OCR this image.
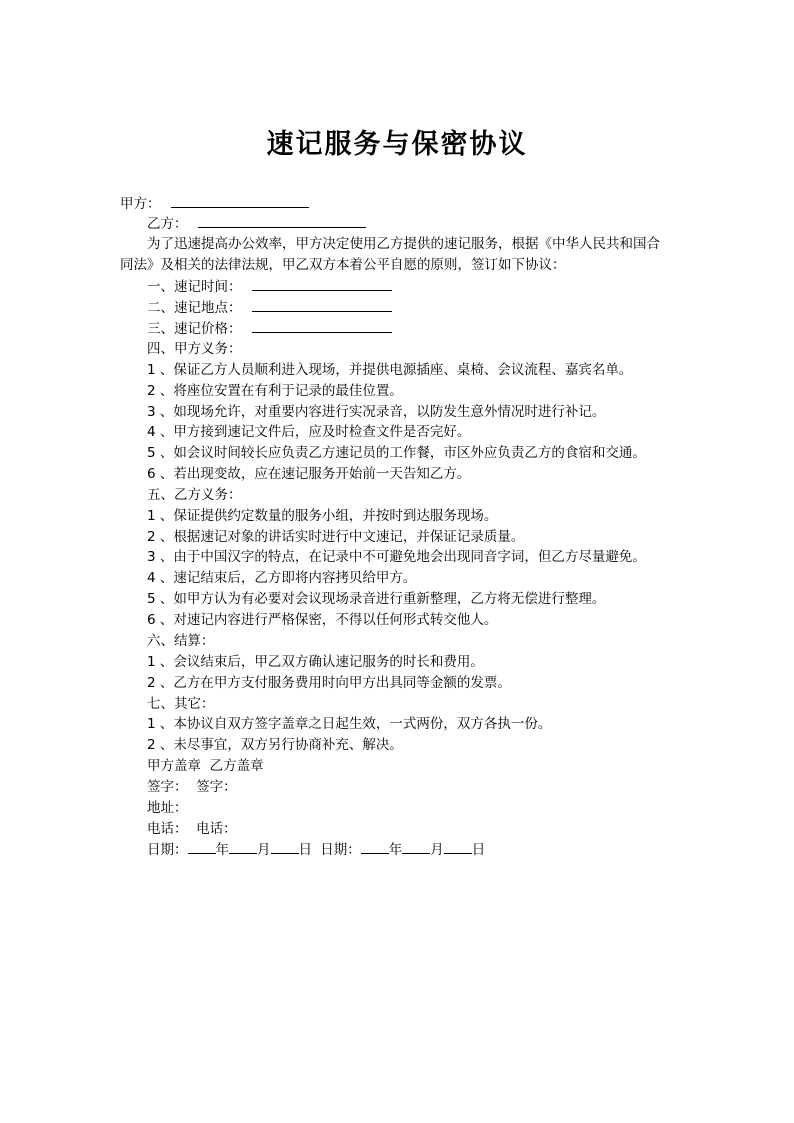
速记服务与保密协议
甲方：
乙方：
为了迅速提高办公效率，甲方决定使用乙方提供的速记服务，根据《中华人民共和国合
同法》及相关的法律法规，甲乙双方本着公平自愿的原则，签订如下协议：
一、速记时间：
二、速记地点：
三、速记价格：
四、甲方义务：
1 、保证乙方人员顺利进入现场，并提供电源插座、桌椅、会议流程、嘉宾名单。
2 、将座位安置在有利于记录的最佳位置。
3 、如现场允许，对重要内容进行实况录音，以防发生意外情况时进行补记。
4 、甲方接到速记文件后，应及时检查文件是否完好。
5 、如会议时间较长应负责乙方速记员的工作餐，市区外应负责乙方的食宿和交通。
6 、若出现变故，应在速记服务开始前一天告知乙方。
五、乙方义务：
1 、保证提供约定数量的服务小组，并按时到达服务现场。
2 、根据速记对象的讲话实时进行中文速记，并保证记录质量。
3 、由于中国汉字的特点，在记录中不可避免地会出现同音字词，但乙方尽量避免。
4 、速记结束后，乙方即将内容拷贝给甲方。
5 、如甲方认为有必要对会议现场录音进行重新整理，乙方将无偿进行整理。
6 、对速记内容进行严格保密，不得以任何形式转交他人。
六、结算：
1 、会议结束后，甲乙双方确认速记服务的时长和费用。
2 、乙方在甲方支付服务费用时向甲方出具同等金额的发票。
七、其它：
1 、本协议自双方签字盖章之日起生效，一式两份，双方各执一份。
2 、未尽事宜，双方另行协商补充、解决。
甲方盖章  乙方盖章
签字：  签字：
地址：
电话：  电话：
日期： 年 月 日 日期： 年 月 日
